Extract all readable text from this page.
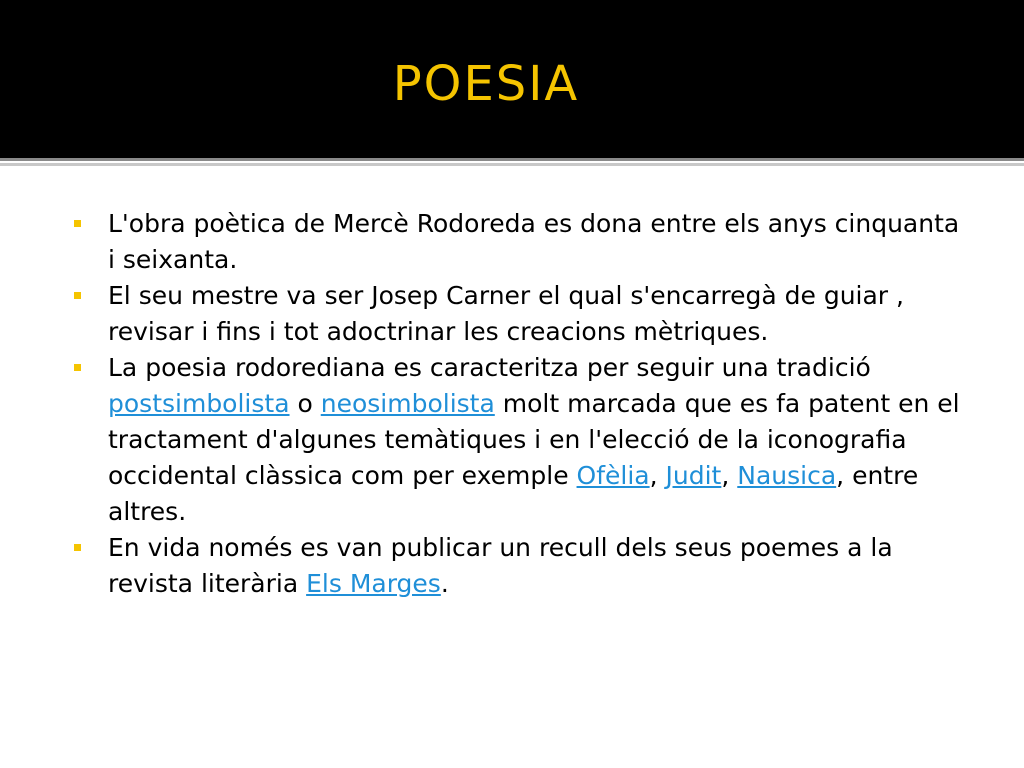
POESIA
L'obra poètica de Mercè Rodoreda es dona entre els anys cinquanta i seixanta.
El seu mestre va ser Josep Carner el qual s'encarregà de guiar , revisar i fins i tot adoctrinar les creacions mètriques.
La poesia rodorediana es caracteritza per seguir una tradició postsimbolista o neosimbolista molt marcada que es fa patent en el tractament d'algunes temàtiques i en l'elecció de la iconografia occidental clàssica com per exemple Ofèlia, Judit, Nausica, entre altres.
En vida només es van publicar un recull dels seus poemes a la revista literària Els Marges.
